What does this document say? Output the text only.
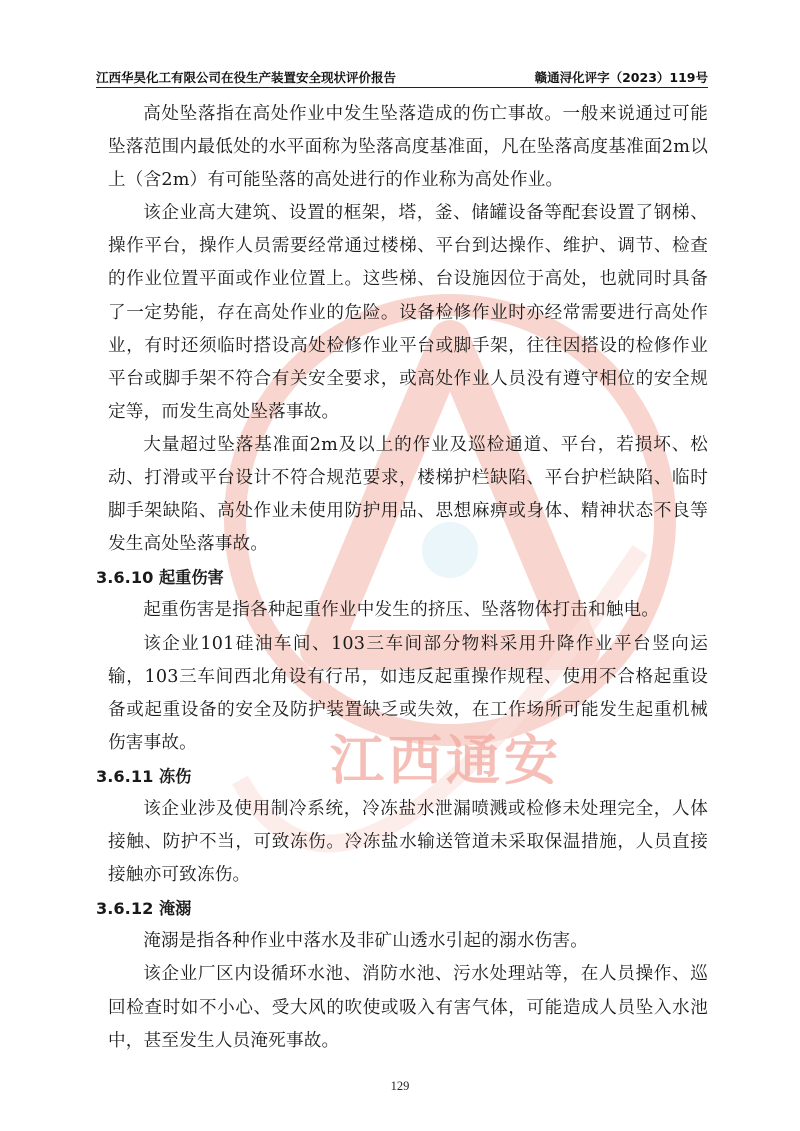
江西通安
江西华昊化工有限公司在役生产装置安全现状评价报告	赣通浔化评字（2023）119号

高处坠落指在高处作业中发生坠落造成的伤亡事故。一般来说通过可能坠落范围内最低处的水平面称为坠落高度基准面，凡在坠落高度基准面2m以上（含2m）有可能坠落的高处进行的作业称为高处作业。

该企业高大建筑、设置的框架，塔，釜、储罐设备等配套设置了钢梯、操作平台，操作人员需要经常通过楼梯、平台到达操作、维护、调节、检查的作业位置平面或作业位置上。这些梯、台设施因位于高处，也就同时具备了一定势能，存在高处作业的危险。设备检修作业时亦经常需要进行高处作业，有时还须临时搭设高处检修作业平台或脚手架，往往因搭设的检修作业平台或脚手架不符合有关安全要求，或高处作业人员没有遵守相位的安全规定等，而发生高处坠落事故。

大量超过坠落基准面2m及以上的作业及巡检通道、平台，若损坏、松动、打滑或平台设计不符合规范要求，楼梯护栏缺陷、平台护栏缺陷、临时脚手架缺陷、高处作业未使用防护用品、思想麻痹或身体、精神状态不良等发生高处坠落事故。

3.6.10 起重伤害

起重伤害是指各种起重作业中发生的挤压、坠落物体打击和触电。

该企业101硅油车间、103三车间部分物料采用升降作业平台竖向运输，103三车间西北角设有行吊，如违反起重操作规程、使用不合格起重设备或起重设备的安全及防护装置缺乏或失效，在工作场所可能发生起重机械伤害事故。

3.6.11 冻伤

该企业涉及使用制冷系统，冷冻盐水泄漏喷溅或检修未处理完全，人体接触、防护不当，可致冻伤。冷冻盐水输送管道未采取保温措施，人员直接接触亦可致冻伤。

3.6.12 淹溺

淹溺是指各种作业中落水及非矿山透水引起的溺水伤害。

该企业厂区内设循环水池、消防水池、污水处理站等，在人员操作、巡回检查时如不小心、受大风的吹使或吸入有害气体，可能造成人员坠入水池中，甚至发生人员淹死事故。

129
